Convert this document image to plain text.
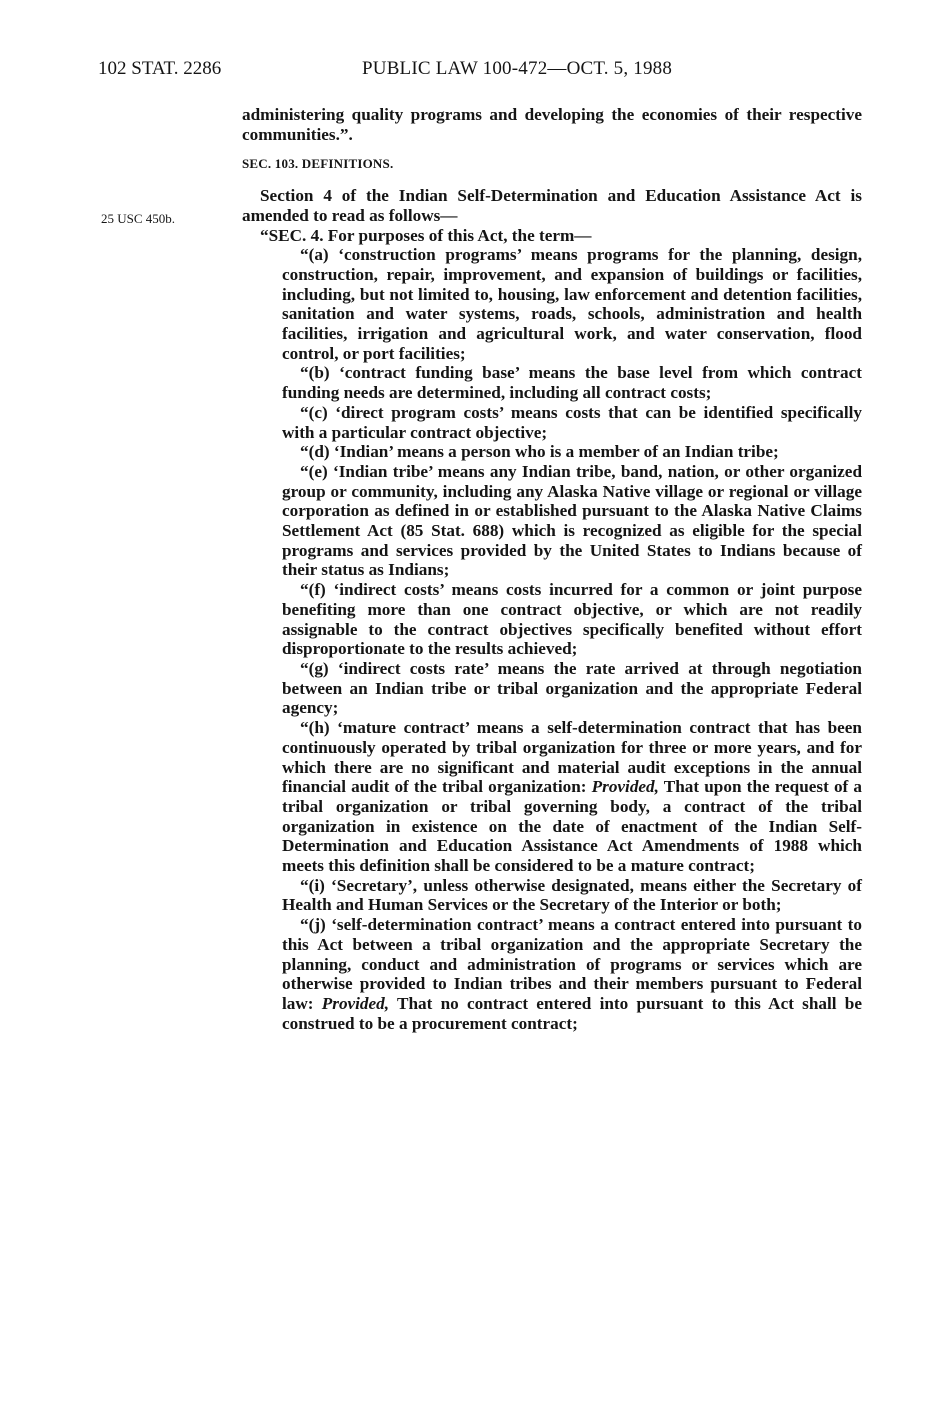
102 STAT. 2286	PUBLIC LAW 100-472—OCT. 5, 1988
25 USC 450b.

administering quality programs and developing the economies of their respective communities.”.

SEC. 103. DEFINITIONS.

Section 4 of the Indian Self-Determination and Education Assistance Act is amended to read as follows—

“SEC. 4. For purposes of this Act, the term—

“(a) ‘construction programs’ means programs for the planning, design, construction, repair, improvement, and expansion of buildings or facilities, including, but not limited to, housing, law enforcement and detention facilities, sanitation and water systems, roads, schools, administration and health facilities, irrigation and agricultural work, and water conservation, flood control, or port facilities;

“(b) ‘contract funding base’ means the base level from which contract funding needs are determined, including all contract costs;

“(c) ‘direct program costs’ means costs that can be identified specifically with a particular contract objective;

“(d) ‘Indian’ means a person who is a member of an Indian tribe;

“(e) ‘Indian tribe’ means any Indian tribe, band, nation, or other organized group or community, including any Alaska Native village or regional or village corporation as defined in or established pursuant to the Alaska Native Claims Settlement Act (85 Stat. 688) which is recognized as eligible for the special programs and services provided by the United States to Indians because of their status as Indians;

“(f) ‘indirect costs’ means costs incurred for a common or joint purpose benefiting more than one contract objective, or which are not readily assignable to the contract objectives specifically benefited without effort disproportionate to the results achieved;

“(g) ‘indirect costs rate’ means the rate arrived at through negotiation between an Indian tribe or tribal organization and the appropriate Federal agency;

“(h) ‘mature contract’ means a self-determination contract that has been continuously operated by tribal organization for three or more years, and for which there are no significant and material audit exceptions in the annual financial audit of the tribal organization: Provided, That upon the request of a tribal organization or tribal governing body, a contract of the tribal organization in existence on the date of enactment of the Indian Self-Determination and Education Assistance Act Amendments of 1988 which meets this definition shall be considered to be a mature contract;

“(i) ‘Secretary’, unless otherwise designated, means either the Secretary of Health and Human Services or the Secretary of the Interior or both;

“(j) ‘self-determination contract’ means a contract entered into pursuant to this Act between a tribal organization and the appropriate Secretary the planning, conduct and administration of programs or services which are otherwise provided to Indian tribes and their members pursuant to Federal law: Provided, That no contract entered into pursuant to this Act shall be construed to be a procurement contract;
